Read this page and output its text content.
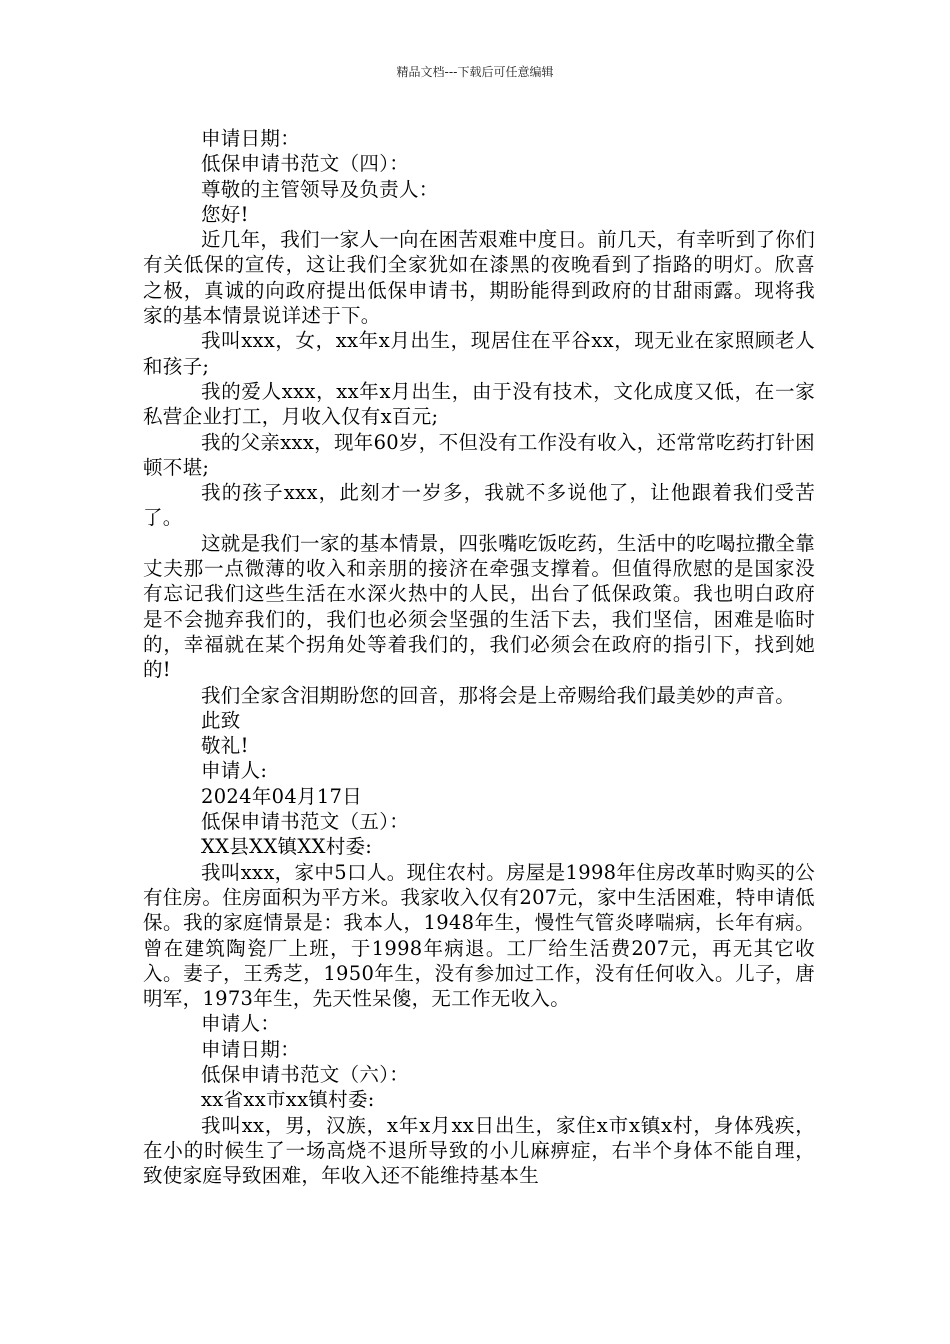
精品文档---下载后可任意编辑

申请日期：

低保申请书范文（四）：

尊敬的主管领导及负责人：

您好!

近几年，我们一家人一向在困苦艰难中度日。前几天，有幸听到了你们有关低保的宣传，这让我们全家犹如在漆黑的夜晚看到了指路的明灯。欣喜之极，真诚的向政府提出低保申请书，期盼能得到政府的甘甜雨露。现将我家的基本情景说详述于下。

我叫xxx，女，xx年x月出生，现居住在平谷xx，现无业在家照顾老人和孩子;

我的爱人xxx，xx年x月出生，由于没有技术，文化成度又低，在一家私营企业打工，月收入仅有x百元;

我的父亲xxx，现年60岁，不但没有工作没有收入，还常常吃药打针困顿不堪;

我的孩子xxx，此刻才一岁多，我就不多说他了，让他跟着我们受苦了。

这就是我们一家的基本情景，四张嘴吃饭吃药，生活中的吃喝拉撒全靠丈夫那一点微薄的收入和亲朋的接济在牵强支撑着。但值得欣慰的是国家没有忘记我们这些生活在水深火热中的人民，出台了低保政策。我也明白政府是不会抛弃我们的，我们也必须会坚强的生活下去，我们坚信，困难是临时的，幸福就在某个拐角处等着我们的，我们必须会在政府的指引下，找到她的!

我们全家含泪期盼您的回音，那将会是上帝赐给我们最美妙的声音。

此致

敬礼!

申请人:

2024年04月17日

低保申请书范文（五）：

XX县XX镇XX村委:

我叫xxx，家中5口人。现住农村。房屋是1998年住房改革时购买的公有住房。住房面积为平方米。我家收入仅有207元，家中生活困难，特申请低保。我的家庭情景是：我本人，1948年生，慢性气管炎哮喘病，长年有病。曾在建筑陶瓷厂上班，于1998年病退。工厂给生活费207元，再无其它收入。妻子，王秀芝，1950年生，没有参加过工作，没有任何收入。儿子，唐明军，1973年生，先天性呆傻，无工作无收入。

申请人：

申请日期：

低保申请书范文（六）：

xx省xx市xx镇村委:

我叫xx，男，汉族，x年x月xx日出生，家住x市x镇x村，身体残疾，在小的时候生了一场高烧不退所导致的小儿麻痹症，右半个身体不能自理，致使家庭导致困难，年收入还不能维持基本生
